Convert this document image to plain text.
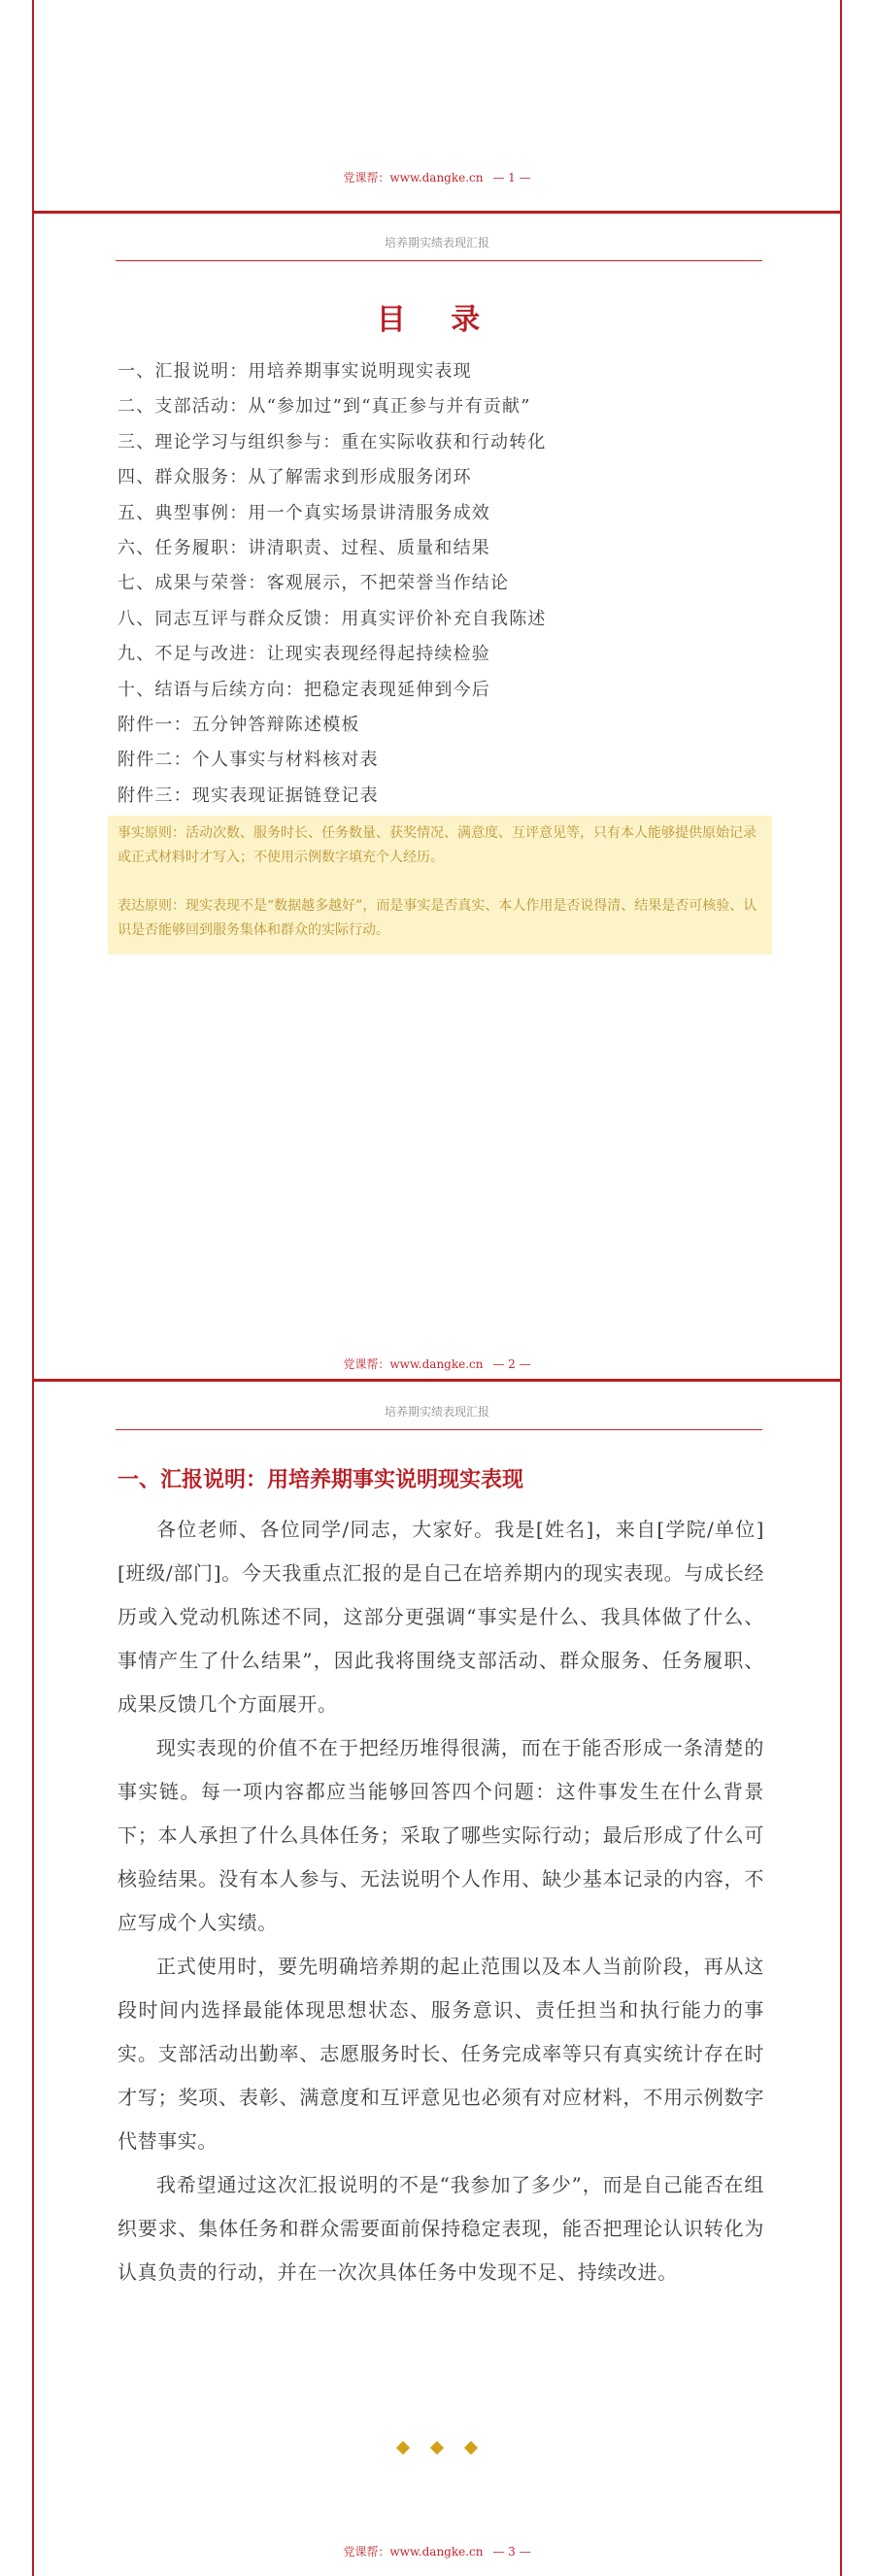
党课帮：www.dangke.cn — 1 —
培养期实绩表现汇报
目 录
一、汇报说明：用培养期事实说明现实表现
二、支部活动：从“参加过”到“真正参与并有贡献”
三、理论学习与组织参与：重在实际收获和行动转化
四、群众服务：从了解需求到形成服务闭环
五、典型事例：用一个真实场景讲清服务成效
六、任务履职：讲清职责、过程、质量和结果
七、成果与荣誉：客观展示，不把荣誉当作结论
八、同志互评与群众反馈：用真实评价补充自我陈述
九、不足与改进：让现实表现经得起持续检验
十、结语与后续方向：把稳定表现延伸到今后
附件一：五分钟答辩陈述模板
附件二：个人事实与材料核对表
附件三：现实表现证据链登记表

事实原则：活动次数、服务时长、任务数量、获奖情况、满意度、互评意见等，只有本人能够提供原始记录或正式材料时才写入；不使用示例数字填充个人经历。

表达原则：现实表现不是“数据越多越好”，而是事实是否真实、本人作用是否说得清、结果是否可核验、认识是否能够回到服务集体和群众的实际行动。

党课帮：www.dangke.cn — 2 —
培养期实绩表现汇报
一、汇报说明：用培养期事实说明现实表现

各位老师、各位同学/同志，大家好。我是[姓名]，来自[学院/单位][班级/部门]。今天我重点汇报的是自己在培养期内的现实表现。与成长经历或入党动机陈述不同，这部分更强调“事实是什么、我具体做了什么、事情产生了什么结果”，因此我将围绕支部活动、群众服务、任务履职、成果反馈几个方面展开。

现实表现的价值不在于把经历堆得很满，而在于能否形成一条清楚的事实链。每一项内容都应当能够回答四个问题：这件事发生在什么背景下；本人承担了什么具体任务；采取了哪些实际行动；最后形成了什么可核验结果。没有本人参与、无法说明个人作用、缺少基本记录的内容，不应写成个人实绩。

正式使用时，要先明确培养期的起止范围以及本人当前阶段，再从这段时间内选择最能体现思想状态、服务意识、责任担当和执行能力的事实。支部活动出勤率、志愿服务时长、任务完成率等只有真实统计存在时才写；奖项、表彰、满意度和互评意见也必须有对应材料，不用示例数字代替事实。

我希望通过这次汇报说明的不是“我参加了多少”，而是自己能否在组织要求、集体任务和群众需要面前保持稳定表现，能否把理论认识转化为认真负责的行动，并在一次次具体任务中发现不足、持续改进。

党课帮：www.dangke.cn — 3 —
